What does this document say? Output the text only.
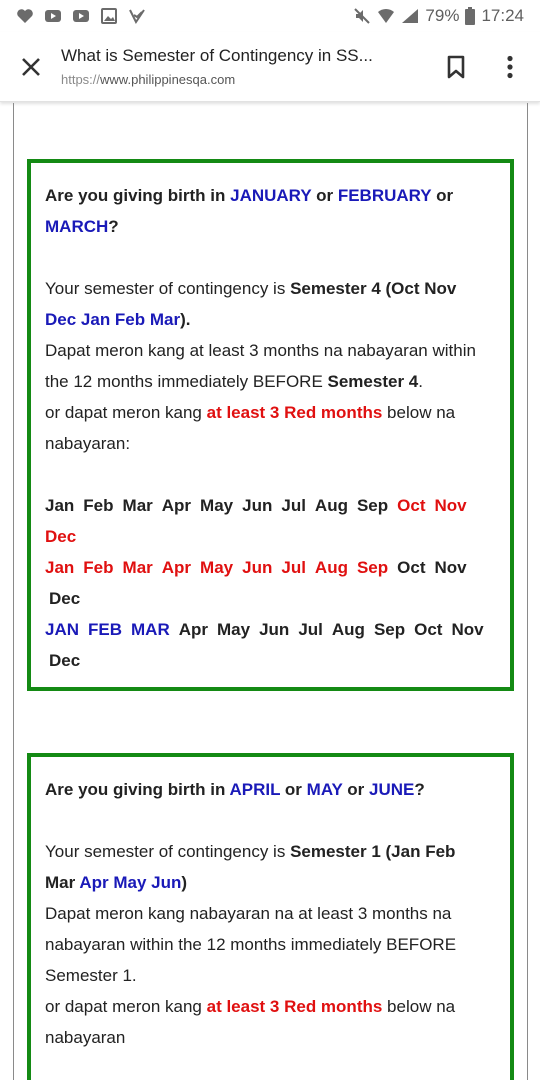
79% 17:24
What is Semester of Contingency in SS...
https://www.philippinesqa.com
Are you giving birth in JANUARY or FEBRUARY or
MARCH?
Your semester of contingency is Semester 4 (Oct Nov
Dec Jan Feb Mar).
Dapat meron kang at least 3 months na nabayaran within
the 12 months immediately BEFORE Semester 4.
or dapat meron kang at least 3 Red months below na
nabayaran:
Jan Feb Mar Apr May Jun Jul Aug Sep Oct Nov
Dec
Jan Feb Mar Apr May Jun Jul Aug Sep Oct Nov
Dec
JAN FEB MAR Apr May Jun Jul Aug Sep Oct Nov
Dec
Are you giving birth in APRIL or MAY or JUNE?
Your semester of contingency is Semester 1 (Jan Feb
Mar Apr May Jun)
Dapat meron kang nabayaran na at least 3 months na
nabayaran within the 12 months immediately BEFORE
Semester 1.
or dapat meron kang at least 3 Red months below na
nabayaran
